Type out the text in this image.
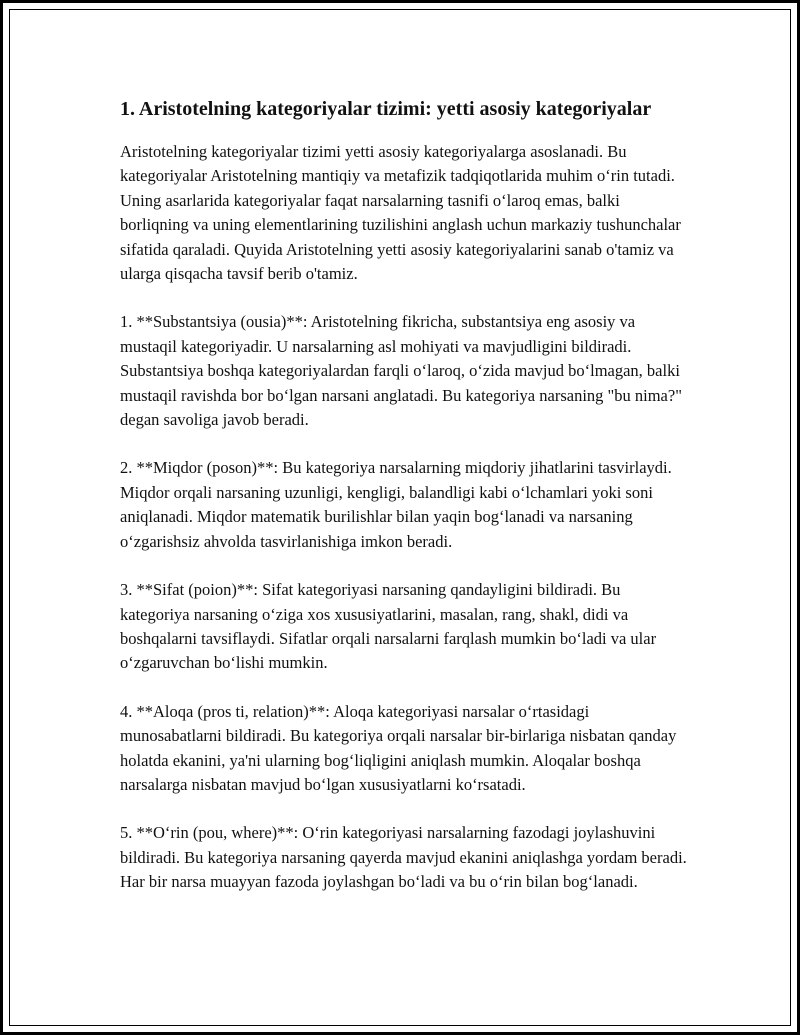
1. Aristotelning kategoriyalar tizimi: yetti asosiy kategoriyalar

Aristotelning kategoriyalar tizimi yetti asosiy kategoriyalarga asoslanadi. Bu kategoriyalar Aristotelning mantiqiy va metafizik tadqiqotlarida muhim oʻrin tutadi. Uning asarlarida kategoriyalar faqat narsalarning tasnifi oʻlaroq emas, balki borliqning va uning elementlarining tuzilishini anglash uchun markaziy tushunchalar sifatida qaraladi. Quyida Aristotelning yetti asosiy kategoriyalarini sanab o'tamiz va ularga qisqacha tavsif berib o'tamiz.

1. **Substantsiya (ousia)**: Aristotelning fikricha, substantsiya eng asosiy va mustaqil kategoriyadir. U narsalarning asl mohiyati va mavjudligini bildiradi. Substantsiya boshqa kategoriyalardan farqli oʻlaroq, oʻzida mavjud boʻlmagan, balki mustaqil ravishda bor boʻlgan narsani anglatadi. Bu kategoriya narsaning "bu nima?" degan savoliga javob beradi.

2. **Miqdor (poson)**: Bu kategoriya narsalarning miqdoriy jihatlarini tasvirlaydi. Miqdor orqali narsaning uzunligi, kengligi, balandligi kabi oʻlchamlari yoki soni aniqlanadi. Miqdor matematik burilishlar bilan yaqin bogʻlanadi va narsaning oʻzgarishsiz ahvolda tasvirlanishiga imkon beradi.

3. **Sifat (poion)**: Sifat kategoriyasi narsaning qandayligini bildiradi. Bu kategoriya narsaning oʻziga xos xususiyatlarini, masalan, rang, shakl, didi va boshqalarni tavsiflaydi. Sifatlar orqali narsalarni farqlash mumkin boʻladi va ular oʻzgaruvchan boʻlishi mumkin.

4. **Aloqa (pros ti, relation)**: Aloqa kategoriyasi narsalar oʻrtasidagi munosabatlarni bildiradi. Bu kategoriya orqali narsalar bir-birlariga nisbatan qanday holatda ekanini, ya'ni ularning bogʻliqligini aniqlash mumkin. Aloqalar boshqa narsalarga nisbatan mavjud boʻlgan xususiyatlarni koʻrsatadi.

5. **Oʻrin (pou, where)**: Oʻrin kategoriyasi narsalarning fazodagi joylashuvini bildiradi. Bu kategoriya narsaning qayerda mavjud ekanini aniqlashga yordam beradi. Har bir narsa muayyan fazoda joylashgan boʻladi va bu oʻrin bilan bogʻlanadi.
